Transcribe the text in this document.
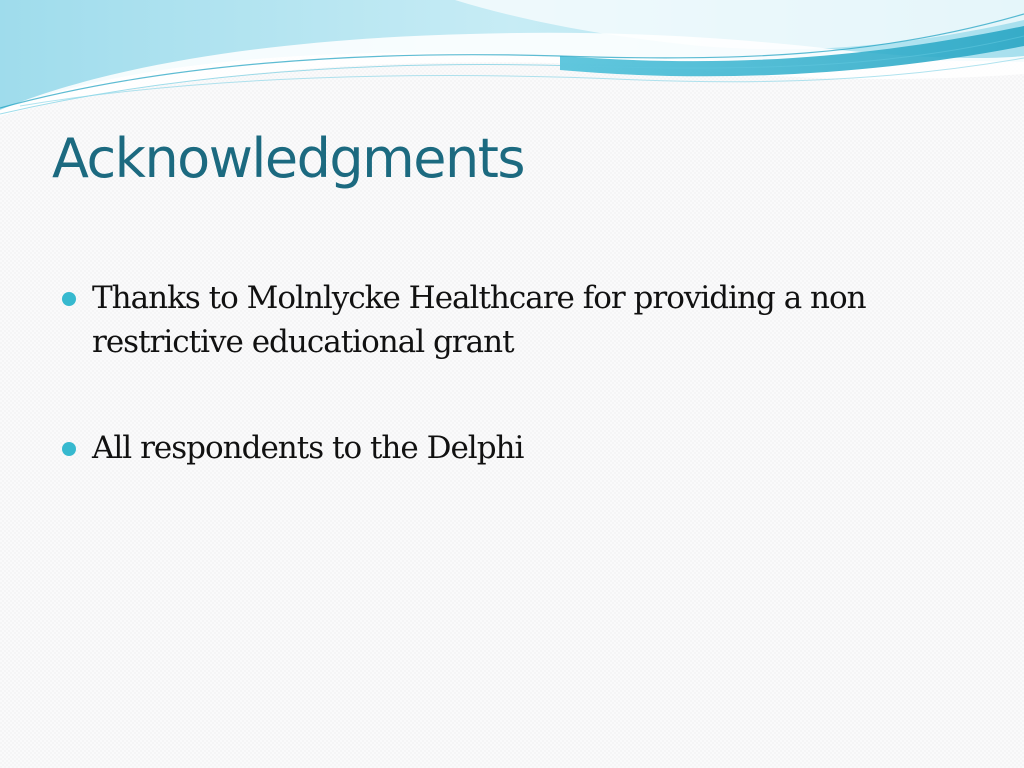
Acknowledgments
Thanks to Molnlycke Healthcare for providing a non restrictive educational grant
All respondents to the Delphi
